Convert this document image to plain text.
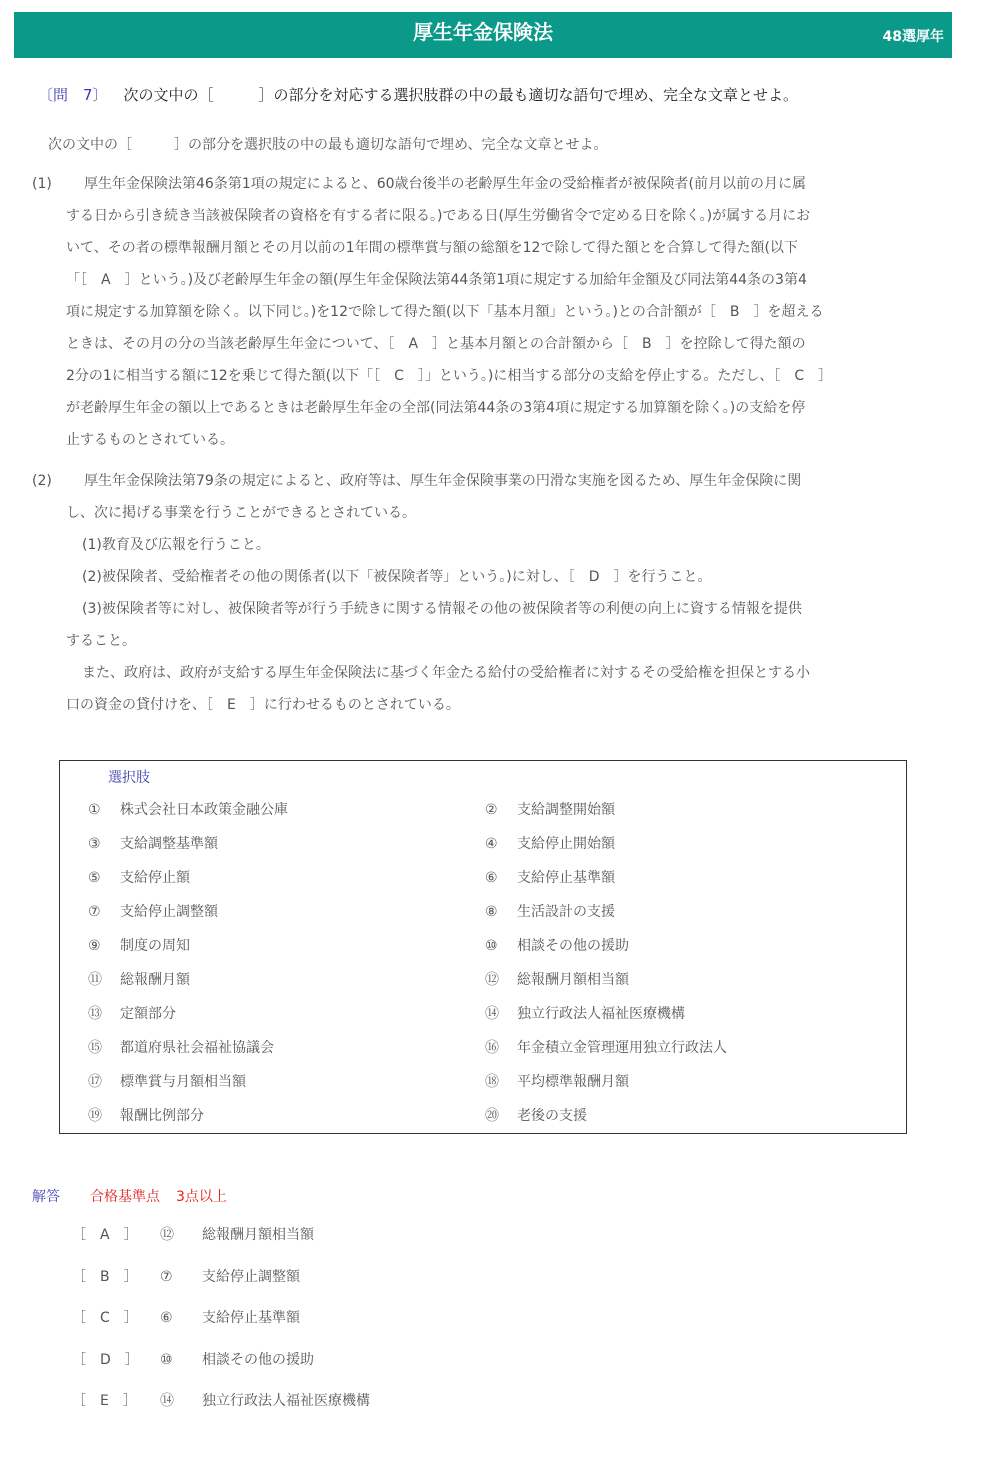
厚生年金保険法	48選厚年
〔問　7〕 次の文中の［　　　］の部分を対応する選択肢群の中の最も適切な語句で埋め、完全な文章とせよ。
次の文中の［　　　］の部分を選択肢の中の最も適切な語句で埋め、完全な文章とせよ。
(1)	厚生年金保険法第46条第1項の規定によると、60歳台後半の老齢厚生年金の受給権者が被保険者(前月以前の月に属
する日から引き続き当該被保険者の資格を有する者に限る。)である日(厚生労働省令で定める日を除く。)が属する月にお
いて、その者の標準報酬月額とその月以前の1年間の標準賞与額の総額を12で除して得た額とを合算して得た額(以下
「［　A　］という。)及び老齢厚生年金の額(厚生年金保険法第44条第1項に規定する加給年金額及び同法第44条の3第4
項に規定する加算額を除く。以下同じ。)を12で除して得た額(以下「基本月額」という。)との合計額が［　B　］を超える
ときは、その月の分の当該老齢厚生年金について、［　A　］と基本月額との合計額から［　B　］を控除して得た額の
2分の1に相当する額に12を乗じて得た額(以下「［　C　］」という。)に相当する部分の支給を停止する。ただし、［　C　］
が老齢厚生年金の額以上であるときは老齢厚生年金の全部(同法第44条の3第4項に規定する加算額を除く。)の支給を停
止するものとされている。
(2)	厚生年金保険法第79条の規定によると、政府等は、厚生年金保険事業の円滑な実施を図るため、厚生年金保険に関
し、次に掲げる事業を行うことができるとされている。
(1)教育及び広報を行うこと。
(2)被保険者、受給権者その他の関係者(以下「被保険者等」という。)に対し、［　D　］を行うこと。
(3)被保険者等に対し、被保険者等が行う手続きに関する情報その他の被保険者等の利便の向上に資する情報を提供
すること。
また、政府は、政府が支給する厚生年金保険法に基づく年金たる給付の受給権者に対するその受給権を担保とする小
口の資金の貸付けを、［　E　］に行わせるものとされている。
選択肢
① 株式会社日本政策金融公庫	② 支給調整開始額
③ 支給調整基準額	④ 支給停止開始額
⑤ 支給停止額	⑥ 支給停止基準額
⑦ 支給停止調整額	⑧ 生活設計の支援
⑨ 制度の周知	⑩ 相談その他の援助
⑪ 総報酬月額	⑫ 総報酬月額相当額
⑬ 定額部分	⑭ 独立行政法人福祉医療機構
⑮ 都道府県社会福祉協議会	⑯ 年金積立金管理運用独立行政法人
⑰ 標準賞与月額相当額	⑱ 平均標準報酬月額
⑲ 報酬比例部分	⑳ 老後の支援
解答 合格基準点 3点以上
［　A　］ ⑫ 総報酬月額相当額
［　B　］ ⑦ 支給停止調整額
［　C　］ ⑥ 支給停止基準額
［　D　］ ⑩ 相談その他の援助
［　E　］ ⑭ 独立行政法人福祉医療機構
